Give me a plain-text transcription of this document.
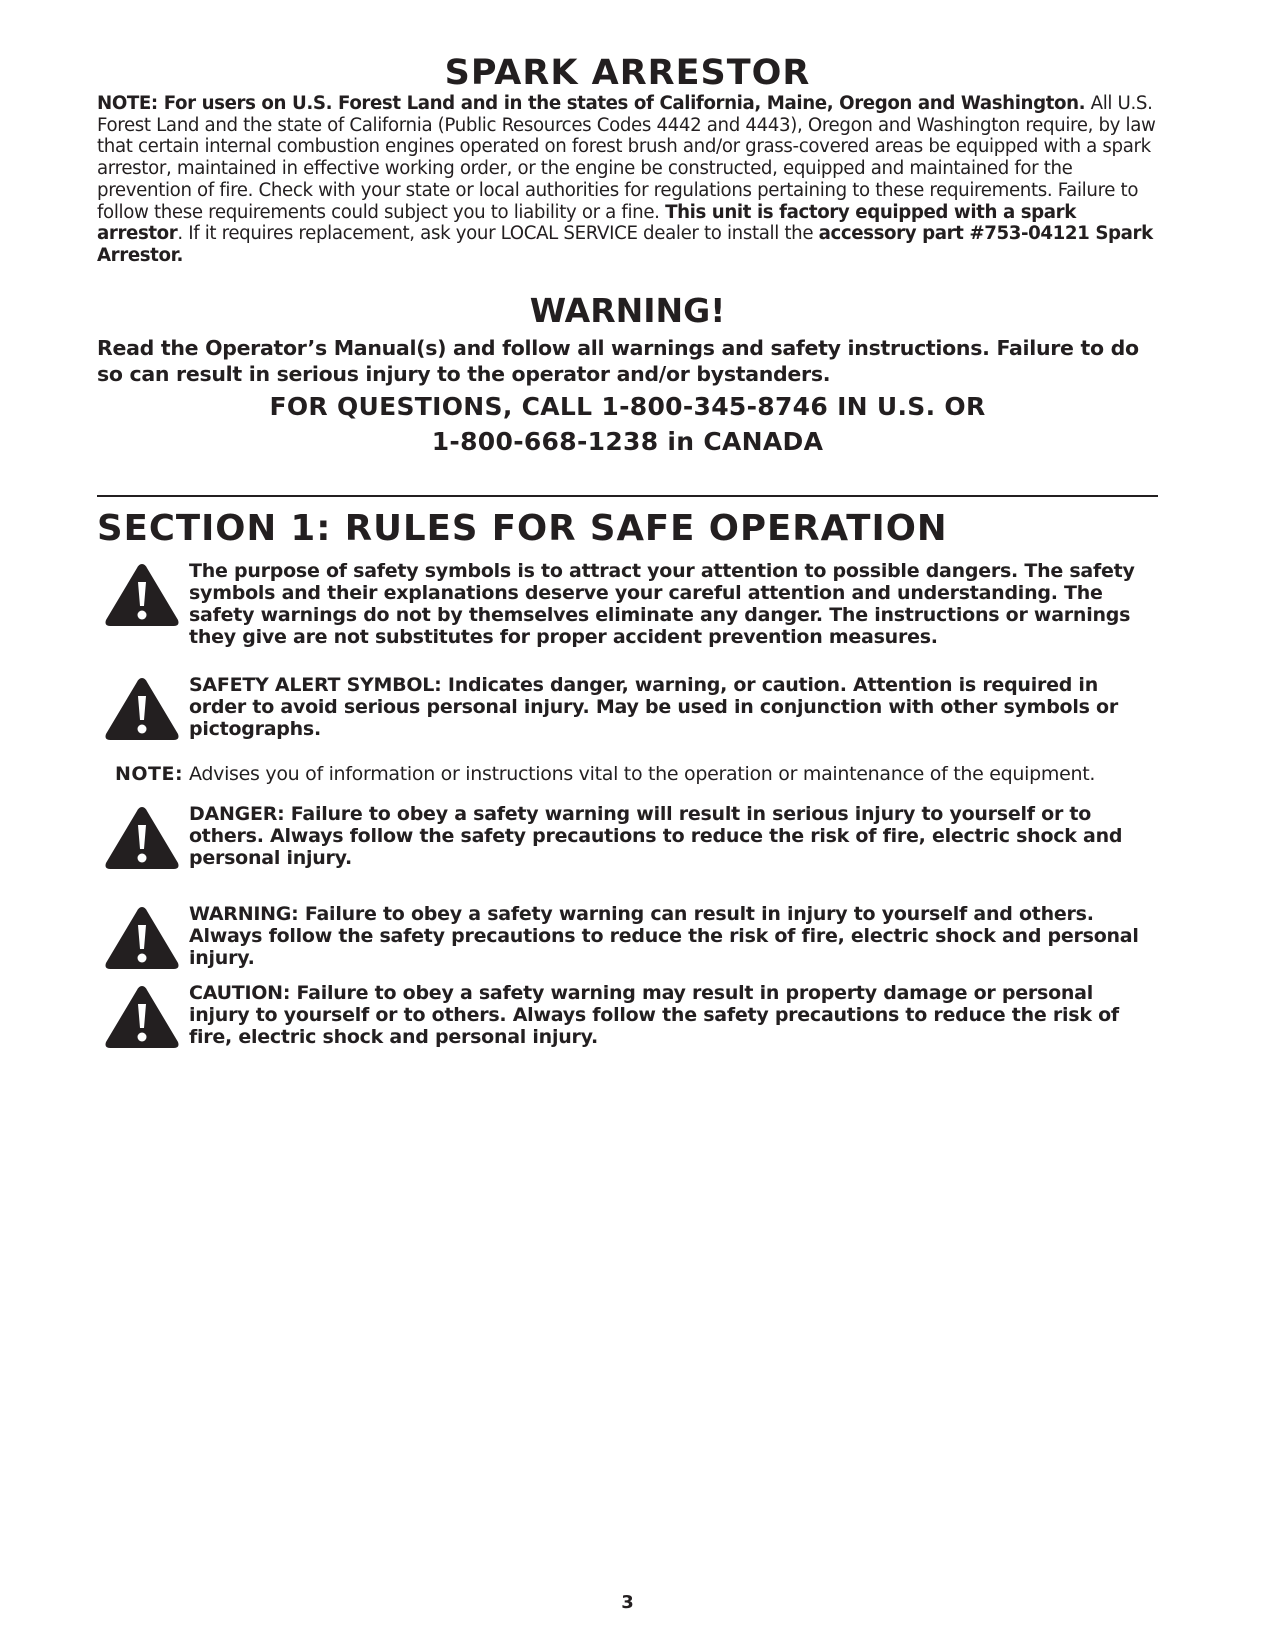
SPARK ARRESTOR

NOTE: For users on U.S. Forest Land and in the states of California, Maine, Oregon and Washington. All U.S. Forest Land and the state of California (Public Resources Codes 4442 and 4443), Oregon and Washington require, by law that certain internal combustion engines operated on forest brush and/or grass-covered areas be equipped with a spark arrestor, maintained in effective working order, or the engine be constructed, equipped and maintained for the prevention of fire. Check with your state or local authorities for regulations pertaining to these requirements. Failure to follow these requirements could subject you to liability or a fine. This unit is factory equipped with a spark arrestor. If it requires replacement, ask your LOCAL SERVICE dealer to install the accessory part #753-04121 Spark Arrestor.

WARNING!

Read the Operator’s Manual(s) and follow all warnings and safety instructions. Failure to do so can result in serious injury to the operator and/or bystanders.

FOR QUESTIONS, CALL 1-800-345-8746 IN U.S. OR
1-800-668-1238 in CANADA
SECTION 1: RULES FOR SAFE OPERATION

The purpose of safety symbols is to attract your attention to possible dangers. The safety symbols and their explanations deserve your careful attention and understanding. The safety warnings do not by themselves eliminate any danger. The instructions or warnings they give are not substitutes for proper accident prevention measures.

SAFETY ALERT SYMBOL: Indicates danger, warning, or caution. Attention is required in order to avoid serious personal injury. May be used in conjunction with other symbols or pictographs.

NOTE: Advises you of information or instructions vital to the operation or maintenance of the equipment.

DANGER: Failure to obey a safety warning will result in serious injury to yourself or to others. Always follow the safety precautions to reduce the risk of fire, electric shock and personal injury.

WARNING: Failure to obey a safety warning can result in injury to yourself and others. Always follow the safety precautions to reduce the risk of fire, electric shock and personal injury.

CAUTION: Failure to obey a safety warning may result in property damage or personal injury to yourself or to others. Always follow the safety precautions to reduce the risk of fire, electric shock and personal injury.

3
